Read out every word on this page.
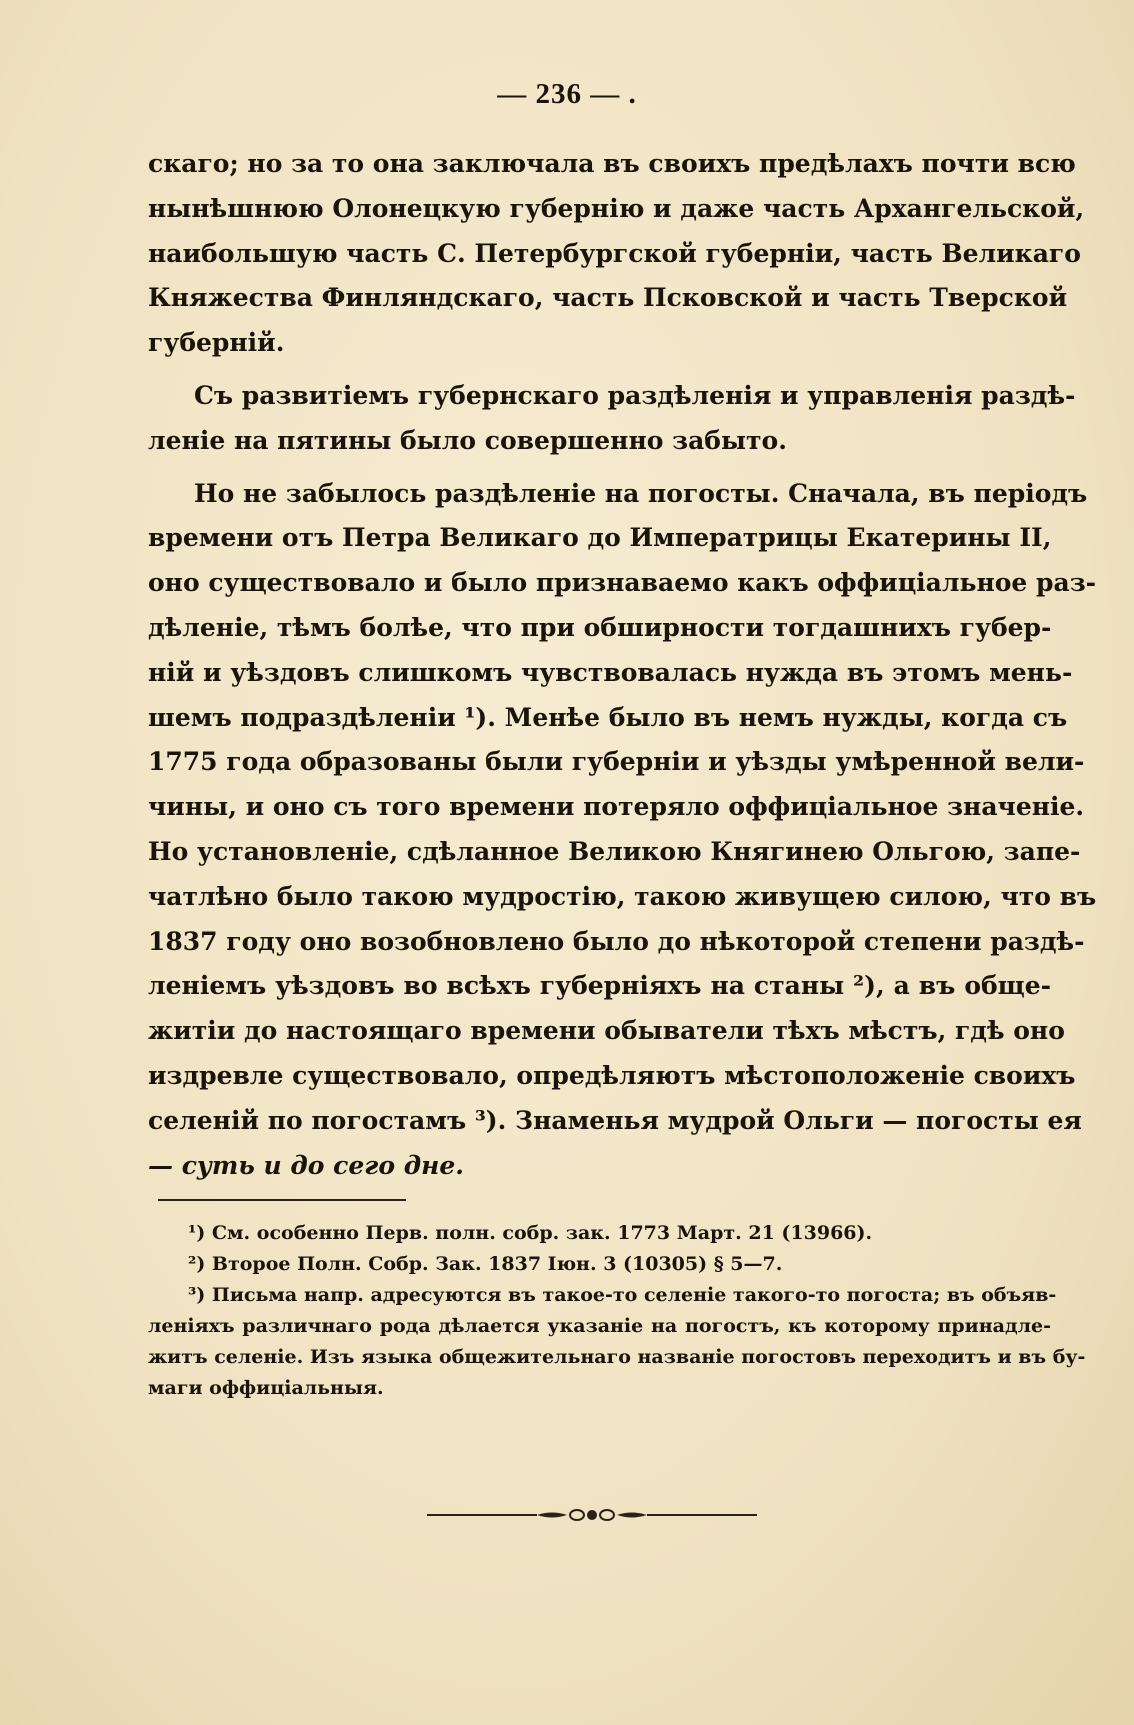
— 236 — .
скаго; но за то она заключала въ своихъ предѣлахъ почти всю
нынѣшнюю Олонецкую губернію и даже часть Архангельской,
наибольшую часть С. Петербургской губерніи, часть Великаго
Княжества Финляндскаго, часть Псковской и часть Тверской
губерній.
Съ развитіемъ губернскаго раздѣленія и управленія раздѣ-
леніе на пятины было совершенно забыто.
Но не забылось раздѣленіе на погосты. Сначала, въ періодъ
времени отъ Петра Великаго до Императрицы Екатерины II,
оно существовало и было признаваемо какъ оффиціальное раз-
дѣленіе, тѣмъ болѣе, что при обширности тогдашнихъ губер-
ній и уѣздовъ слишкомъ чувствовалась нужда въ этомъ мень-
шемъ подраздѣленіи ¹). Менѣе было въ немъ нужды, когда съ
1775 года образованы были губерніи и уѣзды умѣренной вели-
чины, и оно съ того времени потеряло оффиціальное значеніе.
Но установленіе, сдѣланное Великою Княгинею Ольгою, запе-
чатлѣно было такою мудростію, такою живущею силою, что въ
1837 году оно возобновлено было до нѣкоторой степени раздѣ-
леніемъ уѣздовъ во всѣхъ губерніяхъ на станы ²), а въ обще-
житіи до настоящаго времени обыватели тѣхъ мѣстъ, гдѣ оно
издревле существовало, опредѣляютъ мѣстоположеніе своихъ
селеній по погостамъ ³). Знаменья мудрой Ольги — погосты ея
— суть и до сего дне.
¹) См. особенно Перв. полн. собр. зак. 1773 Март. 21 (13966).
²) Второе Полн. Собр. Зак. 1837 Іюн. 3 (10305) § 5—7.
³) Письма напр. адресуются въ такое-то селеніе такого-то погоста; въ объяв-
леніяхъ различнаго рода дѣлается указаніе на погостъ, къ которому принадле-
житъ селеніе. Изъ языка общежительнаго названіе погостовъ переходитъ и въ бу-
маги оффиціальныя.
